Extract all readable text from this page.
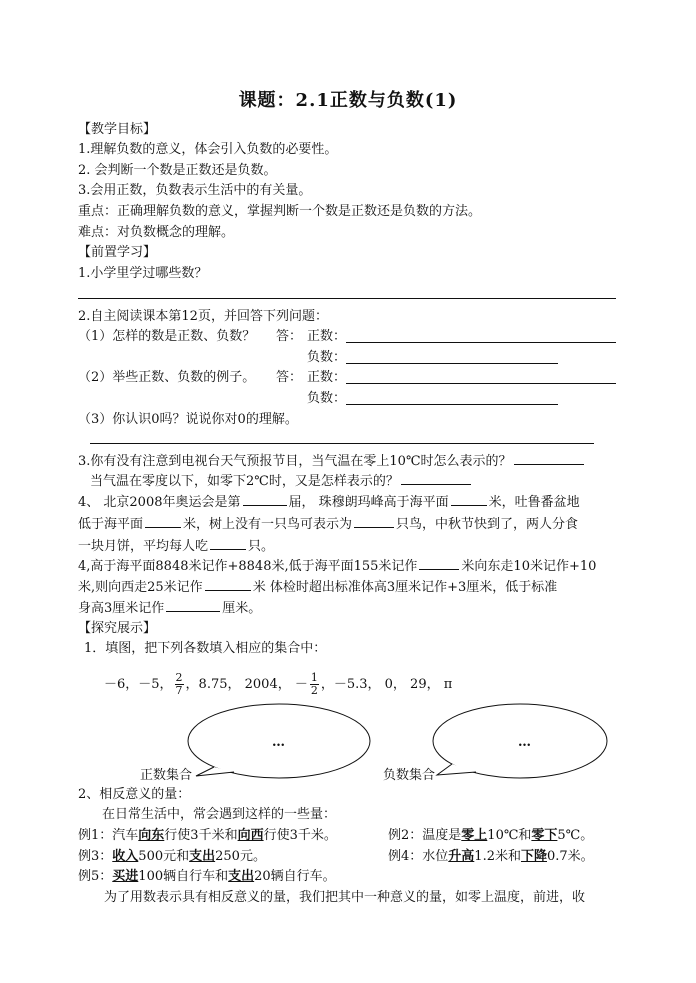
课题：2.1正数与负数(1)
【教学目标】
1.理解负数的意义，体会引入负数的必要性。
2. 会判断一个数是正数还是负数。
3.会用正数，负数表示生活中的有关量。
重点：正确理解负数的意义，掌握判断一个数是正数还是负数的方法。
难点：对负数概念的理解。
【前置学习】
1.小学里学过哪些数？
2.自主阅读课本第12页，并回答下列问题：
（1）怎样的数是正数、负数？ 答： 正数：
负数：
（2）举些正数、负数的例子。 答： 正数：
负数：
（3）你认识0吗？说说你对0的理解。
3.你有没有注意到电视台天气预报节目，当气温在零上10℃时怎么表示的？
当气温在零度以下，如零下2℃时，又是怎样表示的？
4、 北京2008年奥运会是第	届， 珠穆朗玛峰高于海平面	米，吐鲁番盆地
低于海平面	米，树上没有一只鸟可表示为	只鸟，中秋节快到了，两人分食
一块月饼，平均每人吃	只。
4,高于海平面8848米记作+8848米,低于海平面155米记作	米向东走10米记作+10
米,则向西走25米记作	米 体检时超出标准体高3厘米记作+3厘米，低于标准
身高3厘米记作	厘米。
【探究展示】
1．填图，把下列各数填入相应的集合中：
－6，－5， $\frac{2}{7}$ ，8.75， 2004， － $\frac{1}{2}$ ，－5.3， 0， 29， π
…	…
正数集合	负数集合
2、相反意义的量：
在日常生活中，常会遇到这样的一些量：
例1：汽车向东行使3千米和向西行使3千米。	例2：温度是零上10℃和零下5℃。
例3：收入500元和支出250元。	例4：水位升高1.2米和下降0.7米。
例5：买进100辆自行车和支出20辆自行车。
为了用数表示具有相反意义的量，我们把其中一种意义的量，如零上温度，前进，收
